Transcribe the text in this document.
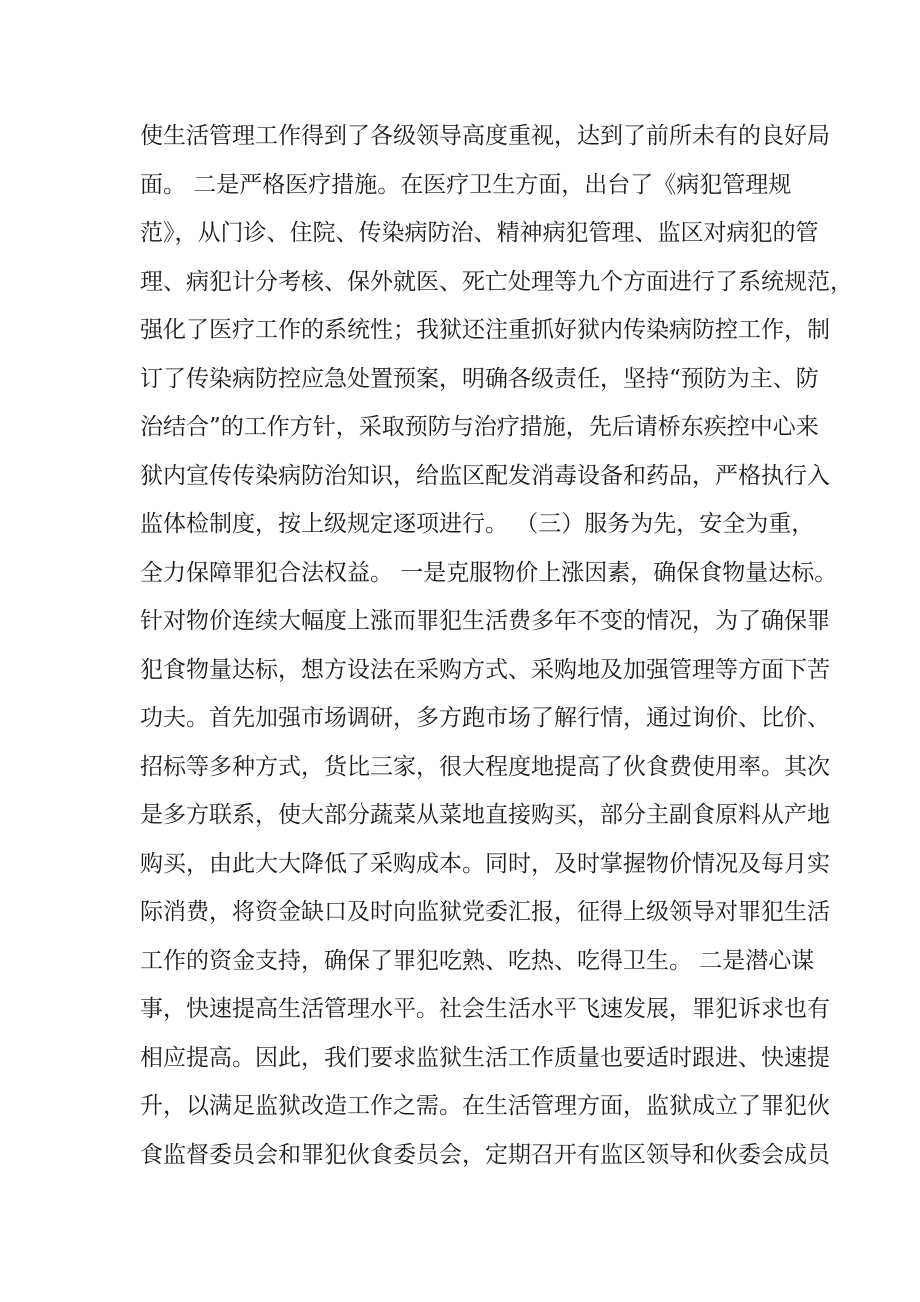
使生活管理工作得到了各级领导高度重视，达到了前所未有的良好局
面。 二是严格医疗措施。在医疗卫生方面，出台了《病犯管理规
范》，从门诊、住院、传染病防治、精神病犯管理、监区对病犯的管
理、病犯计分考核、保外就医、死亡处理等九个方面进行了系统规范，
强化了医疗工作的系统性；我狱还注重抓好狱内传染病防控工作，制
订了传染病防控应急处置预案，明确各级责任，坚持“预防为主、防
治结合”的工作方针，采取预防与治疗措施，先后请桥东疾控中心来
狱内宣传传染病防治知识，给监区配发消毒设备和药品，严格执行入
监体检制度，按上级规定逐项进行。 （三）服务为先，安全为重，
全力保障罪犯合法权益。 一是克服物价上涨因素，确保食物量达标。
针对物价连续大幅度上涨而罪犯生活费多年不变的情况，为了确保罪
犯食物量达标，想方设法在采购方式、采购地及加强管理等方面下苦
功夫。首先加强市场调研，多方跑市场了解行情，通过询价、比价、
招标等多种方式，货比三家，很大程度地提高了伙食费使用率。其次
是多方联系，使大部分蔬菜从菜地直接购买，部分主副食原料从产地
购买，由此大大降低了采购成本。同时，及时掌握物价情况及每月实
际消费，将资金缺口及时向监狱党委汇报，征得上级领导对罪犯生活
工作的资金支持，确保了罪犯吃熟、吃热、吃得卫生。 二是潜心谋
事，快速提高生活管理水平。社会生活水平飞速发展，罪犯诉求也有
相应提高。因此，我们要求监狱生活工作质量也要适时跟进、快速提
升，以满足监狱改造工作之需。在生活管理方面，监狱成立了罪犯伙
食监督委员会和罪犯伙食委员会，定期召开有监区领导和伙委会成员
